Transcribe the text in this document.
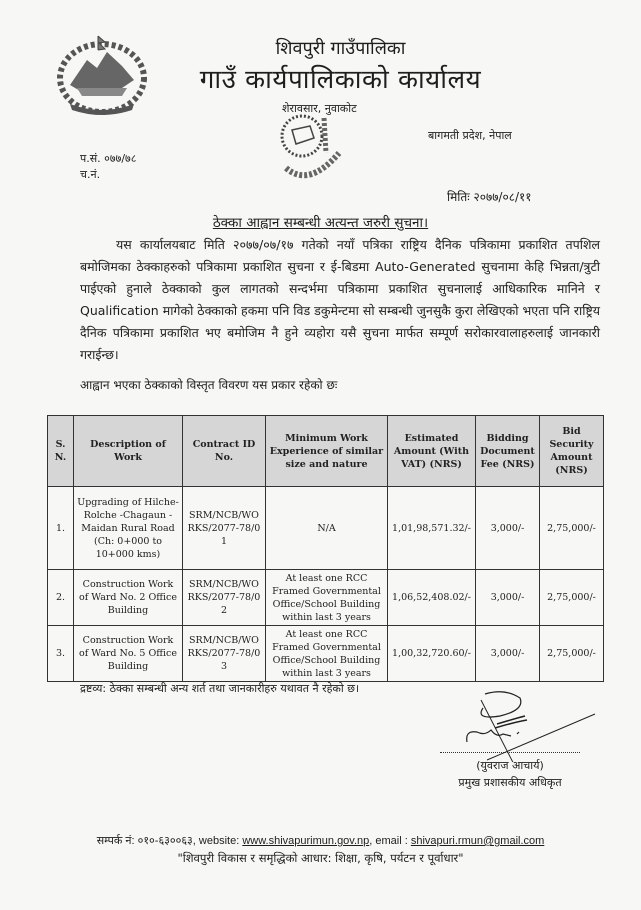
शिवपुरी गाउँपालिका
गाउँ कार्यपालिकाको कार्यालय
शेरावसार, नुवाकोट
बागमती प्रदेश, नेपाल
प.सं. ०७७/७८
च.नं.
मितिः २०७७/०८/११
ठेक्का आह्वान सम्बन्धी अत्यन्त जरुरी सुचना।
यस कार्यालयबाट मिति २०७७/०७/१७ गतेको नयाँ पत्रिका राष्ट्रिय दैनिक पत्रिकामा प्रकाशित तपशिल बमोजिमका ठेक्काहरुको पत्रिकामा प्रकाशित सुचना र ई-बिडमा Auto-Generated सुचनामा केहि भिन्नता/त्रुटी पाईएको हुनाले ठेक्काको कुल लागतको सन्दर्भमा पत्रिकामा प्रकाशित सुचनालाई आधिकारिक मानिने र Qualification मागेको ठेक्काको हकमा पनि विड डकुमेन्टमा सो सम्बन्धी जुनसुकै कुरा लेखिएको भएता पनि राष्ट्रिय दैनिक पत्रिकामा प्रकाशित भए बमोजिम नै हुने व्यहोरा यसै सुचना मार्फत सम्पूर्ण सरोकारवालाहरुलाई जानकारी गराईन्छ।
आह्वान भएका ठेक्काको विस्तृत विवरण यस प्रकार रहेको छः
S. N.	Description of Work	Contract ID No.	Minimum Work Experience of similar size and nature	Estimated Amount (With VAT) (NRS)	Bidding Document Fee (NRS)	Bid Security Amount (NRS)
1.	Upgrading of Hilche-Rolche -Chagaun - Maidan Rural Road (Ch: 0+000 to 10+000 kms)	SRM/NCB/WORKS/2077-78/01	N/A	1,01,98,571.32/-	3,000/-	2,75,000/-
2.	Construction Work of Ward No. 2 Office Building	SRM/NCB/WORKS/2077-78/02	At least one RCC Framed Governmental Office/School Building within last 3 years	1,06,52,408.02/-	3,000/-	2,75,000/-
3.	Construction Work of Ward No. 5 Office Building	SRM/NCB/WORKS/2077-78/03	At least one RCC Framed Governmental Office/School Building within last 3 years	1,00,32,720.60/-	3,000/-	2,75,000/-
द्रष्टव्य: ठेक्का सम्बन्धी अन्य शर्त तथा जानकारीहरु यथावत नै रहेको छ।
(युवराज आचार्य)
प्रमुख प्रशासकीय अधिकृत
सम्पर्क नं: ०१०-६३००६३, website: www.shivapurimun.gov.np, email : shivapuri.rmun@gmail.com
"शिवपुरी विकास र समृद्धिको आधार: शिक्षा, कृषि, पर्यटन र पूर्वाधार"
